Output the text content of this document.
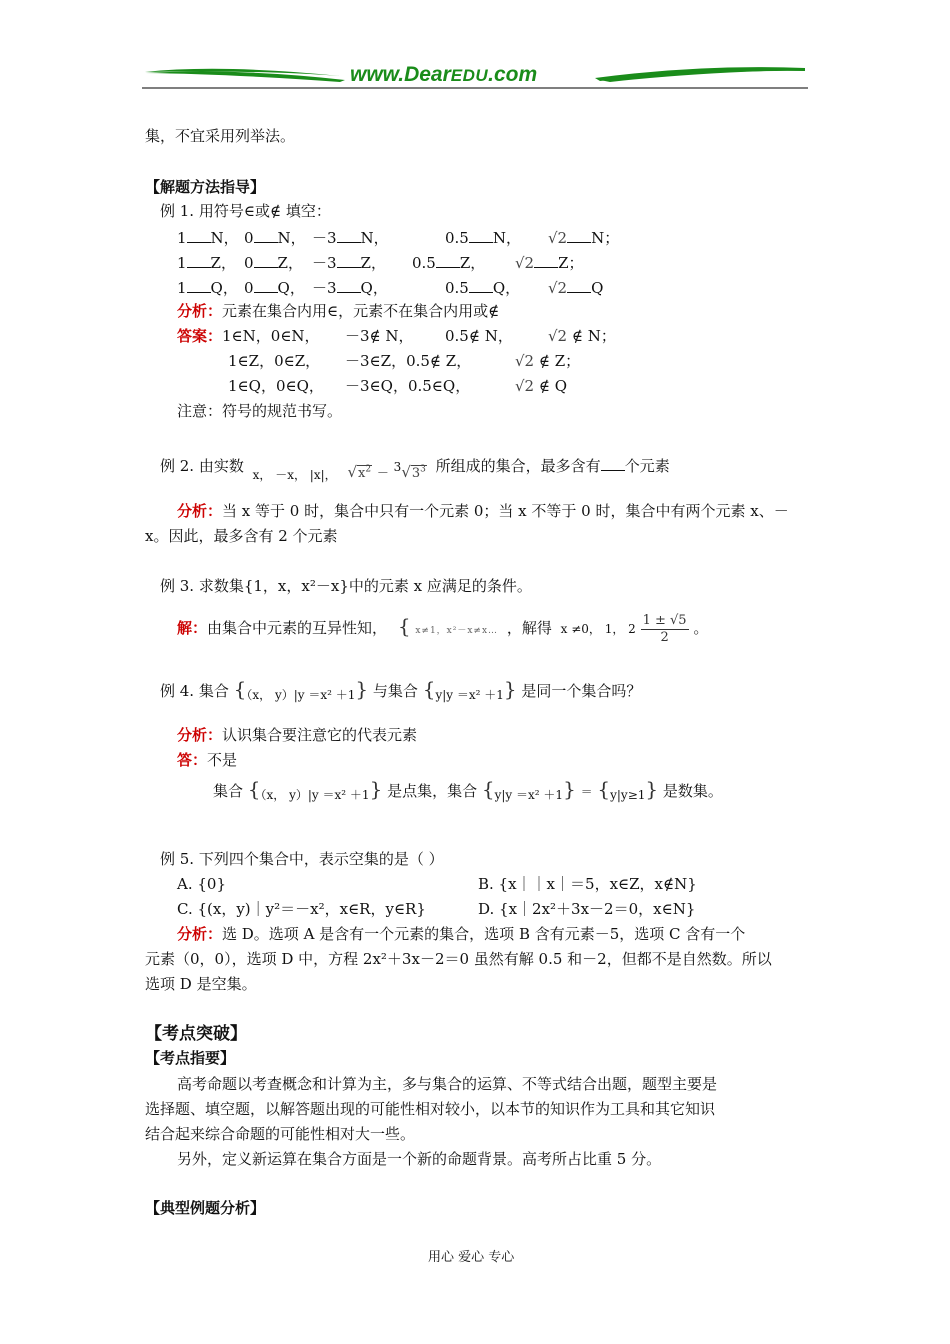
www.DearEDU.com
集，不宜采用列举法。
【解题方法指导】
例 1. 用符号∈或∉ 填空：
1 N， 0 N， －3 N，	0.5 N， √2 N；
1 Z， 0 Z， －3 Z， 0.5 Z， √2 Z；
1 Q， 0 Q， －3 Q，	0.5 Q， √2 Q
分析：元素在集合内用∈，元素不在集合内用或∉
答案：1∈N，0∈N， －3∉ N， 0.5∉ N， √2 ∉ N；
1∈Z，0∈Z， －3∈Z，0.5∉ Z，	√2 ∉ Z；
1∈Q，0∈Q， －3∈Q，0.5∈Q，	√2 ∉ Q
注意：符号的规范书写。
例 2. 由实数 $_{x, -x, |x|,}$ $√x^2 - ^3√3^3$ 所组成的集合，最多含有 个元素
分析：当 x 等于 0 时，集合中只有一个元素 0；当 x 不等于 0 时，集合中有两个元素 x、－
x。因此，最多含有 2 个元素
例 3. 求数集{1，x，x²－x}中的元素 x 应满足的条件。
解：由集合中元素的互异性知， { x≠1，x²－x≠x… ，解得 x ≠0， 1， $2 \frac{1 \pm √5}{2}$ 。
例 4. 集合 $\{_{(x, y)|y =x^2 +1}\}$ 与集合 $\{_{y|y =x^2 +1}\}$ 是同一个集合吗？
分析：认识集合要注意它的代表元素
答：不是
集合 $\{_{(x, y)|y =x^2 +1}\}$ 是点集，集合 $\{_{y|y =x^2 +1}\} = \{_{y|y\ge 1}\}$ 是数集。
例 5. 下列四个集合中，表示空集的是（ ）
A. {0}	B. {x｜｜x｜＝5，x∈Z，x∉N}
C. {(x，y)｜y²＝－x²，x∈R，y∈R}	D. {x｜2x²＋3x－2＝0，x∈N}
分析：选 D。选项 A 是含有一个元素的集合，选项 B 含有元素－5，选项 C 含有一个
元素（0，0），选项 D 中，方程 2x²＋3x－2＝0 虽然有解 0.5 和－2，但都不是自然数。所以
选项 D 是空集。
【考点突破】
【考点指要】
高考命题以考查概念和计算为主，多与集合的运算、不等式结合出题，题型主要是
选择题、填空题，以解答题出现的可能性相对较小，以本节的知识作为工具和其它知识
结合起来综合命题的可能性相对大一些。
另外，定义新运算在集合方面是一个新的命题背景。高考所占比重 5 分。
【典型例题分析】
用心 爱心 专心
